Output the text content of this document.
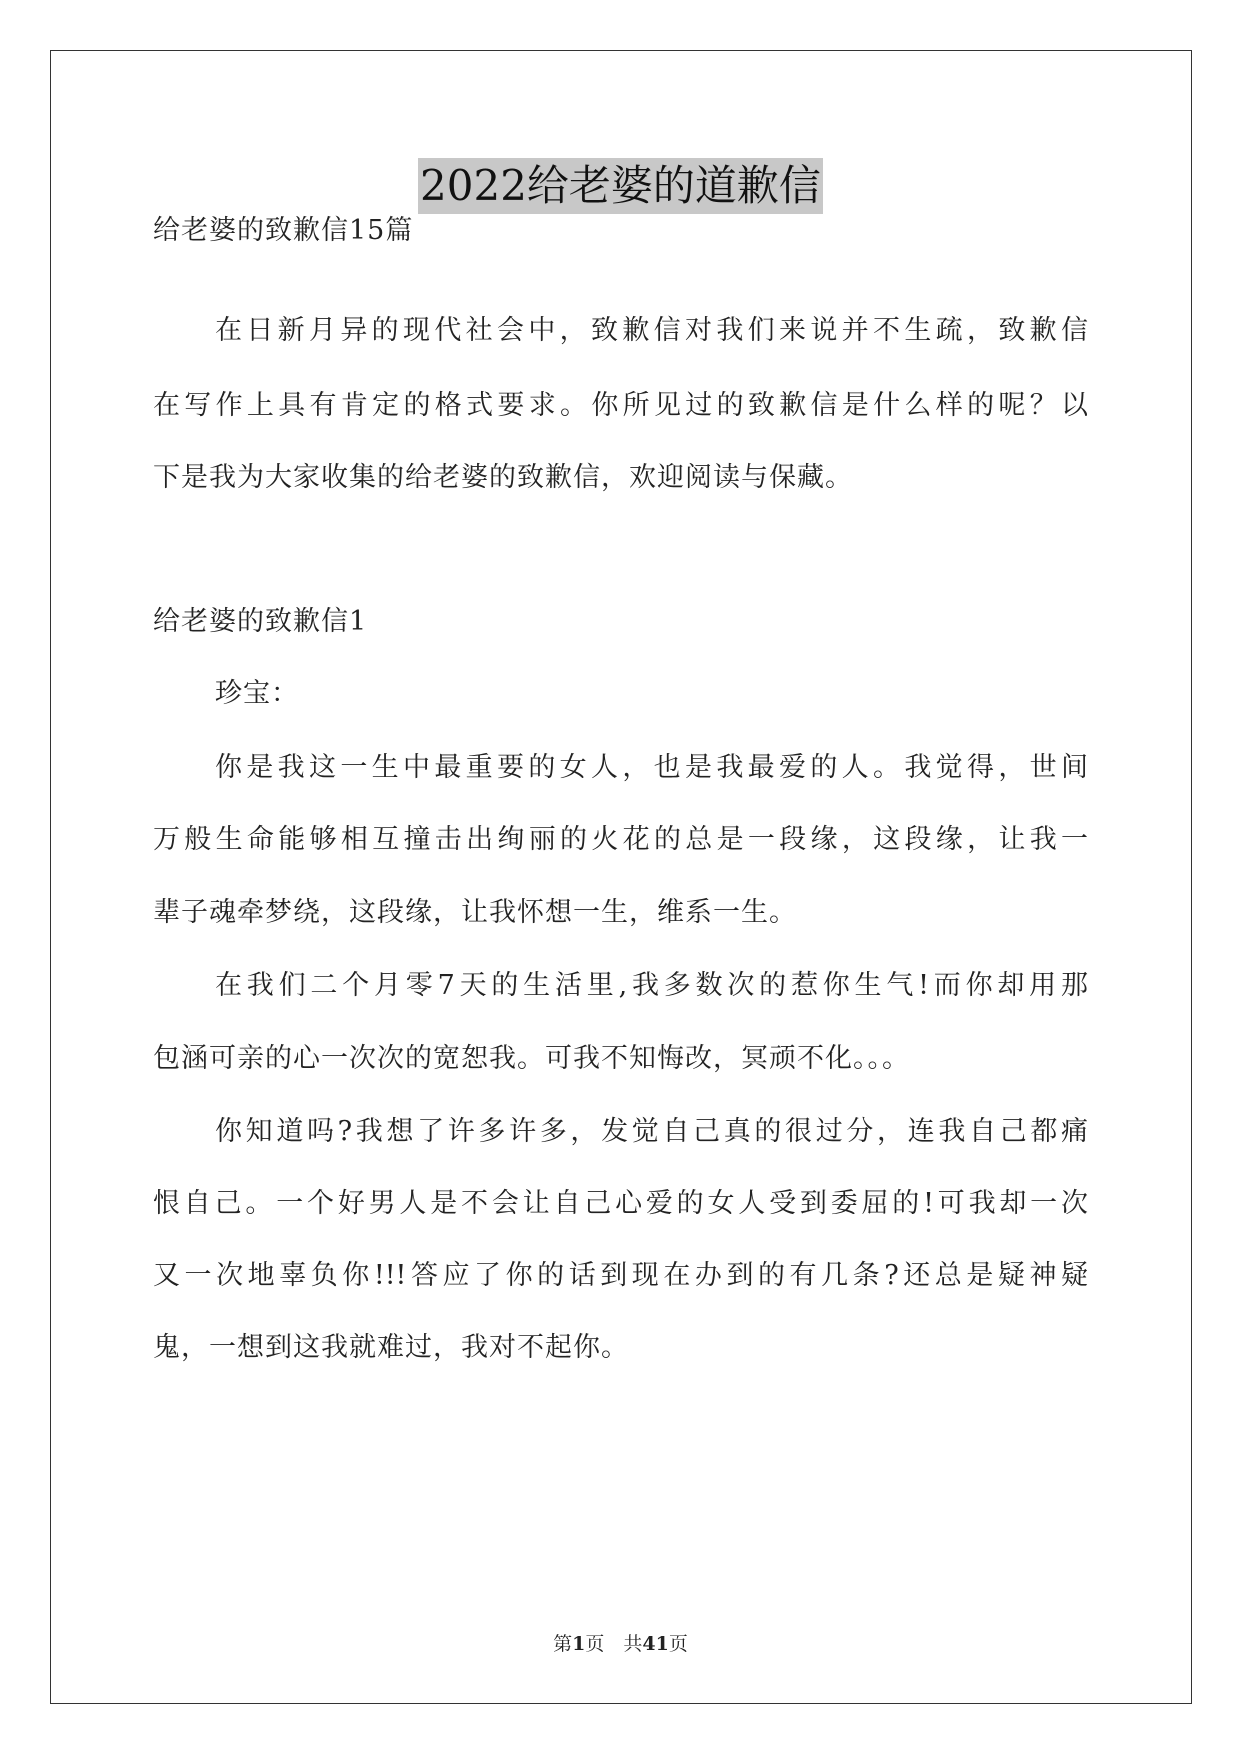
2022给老婆的道歉信
给老婆的致歉信15篇
在日新月异的现代社会中，致歉信对我们来说并不生疏，致歉信
在写作上具有肯定的格式要求。你所见过的致歉信是什么样的呢？以
下是我为大家收集的给老婆的致歉信，欢迎阅读与保藏。
给老婆的致歉信1
珍宝：
你是我这一生中最重要的女人，也是我最爱的人。我觉得，世间
万般生命能够相互撞击出绚丽的火花的总是一段缘，这段缘，让我一
辈子魂牵梦绕，这段缘，让我怀想一生，维系一生。
在我们二个月零7天的生活里,我多数次的惹你生气!而你却用那
包涵可亲的心一次次的宽恕我。可我不知悔改，冥顽不化。。。
你知道吗?我想了许多许多，发觉自己真的很过分，连我自己都痛
恨自己。一个好男人是不会让自己心爱的女人受到委屈的!可我却一次
又一次地辜负你!!!答应了你的话到现在办到的有几条?还总是疑神疑
鬼，一想到这我就难过，我对不起你。
第1页　共41页
